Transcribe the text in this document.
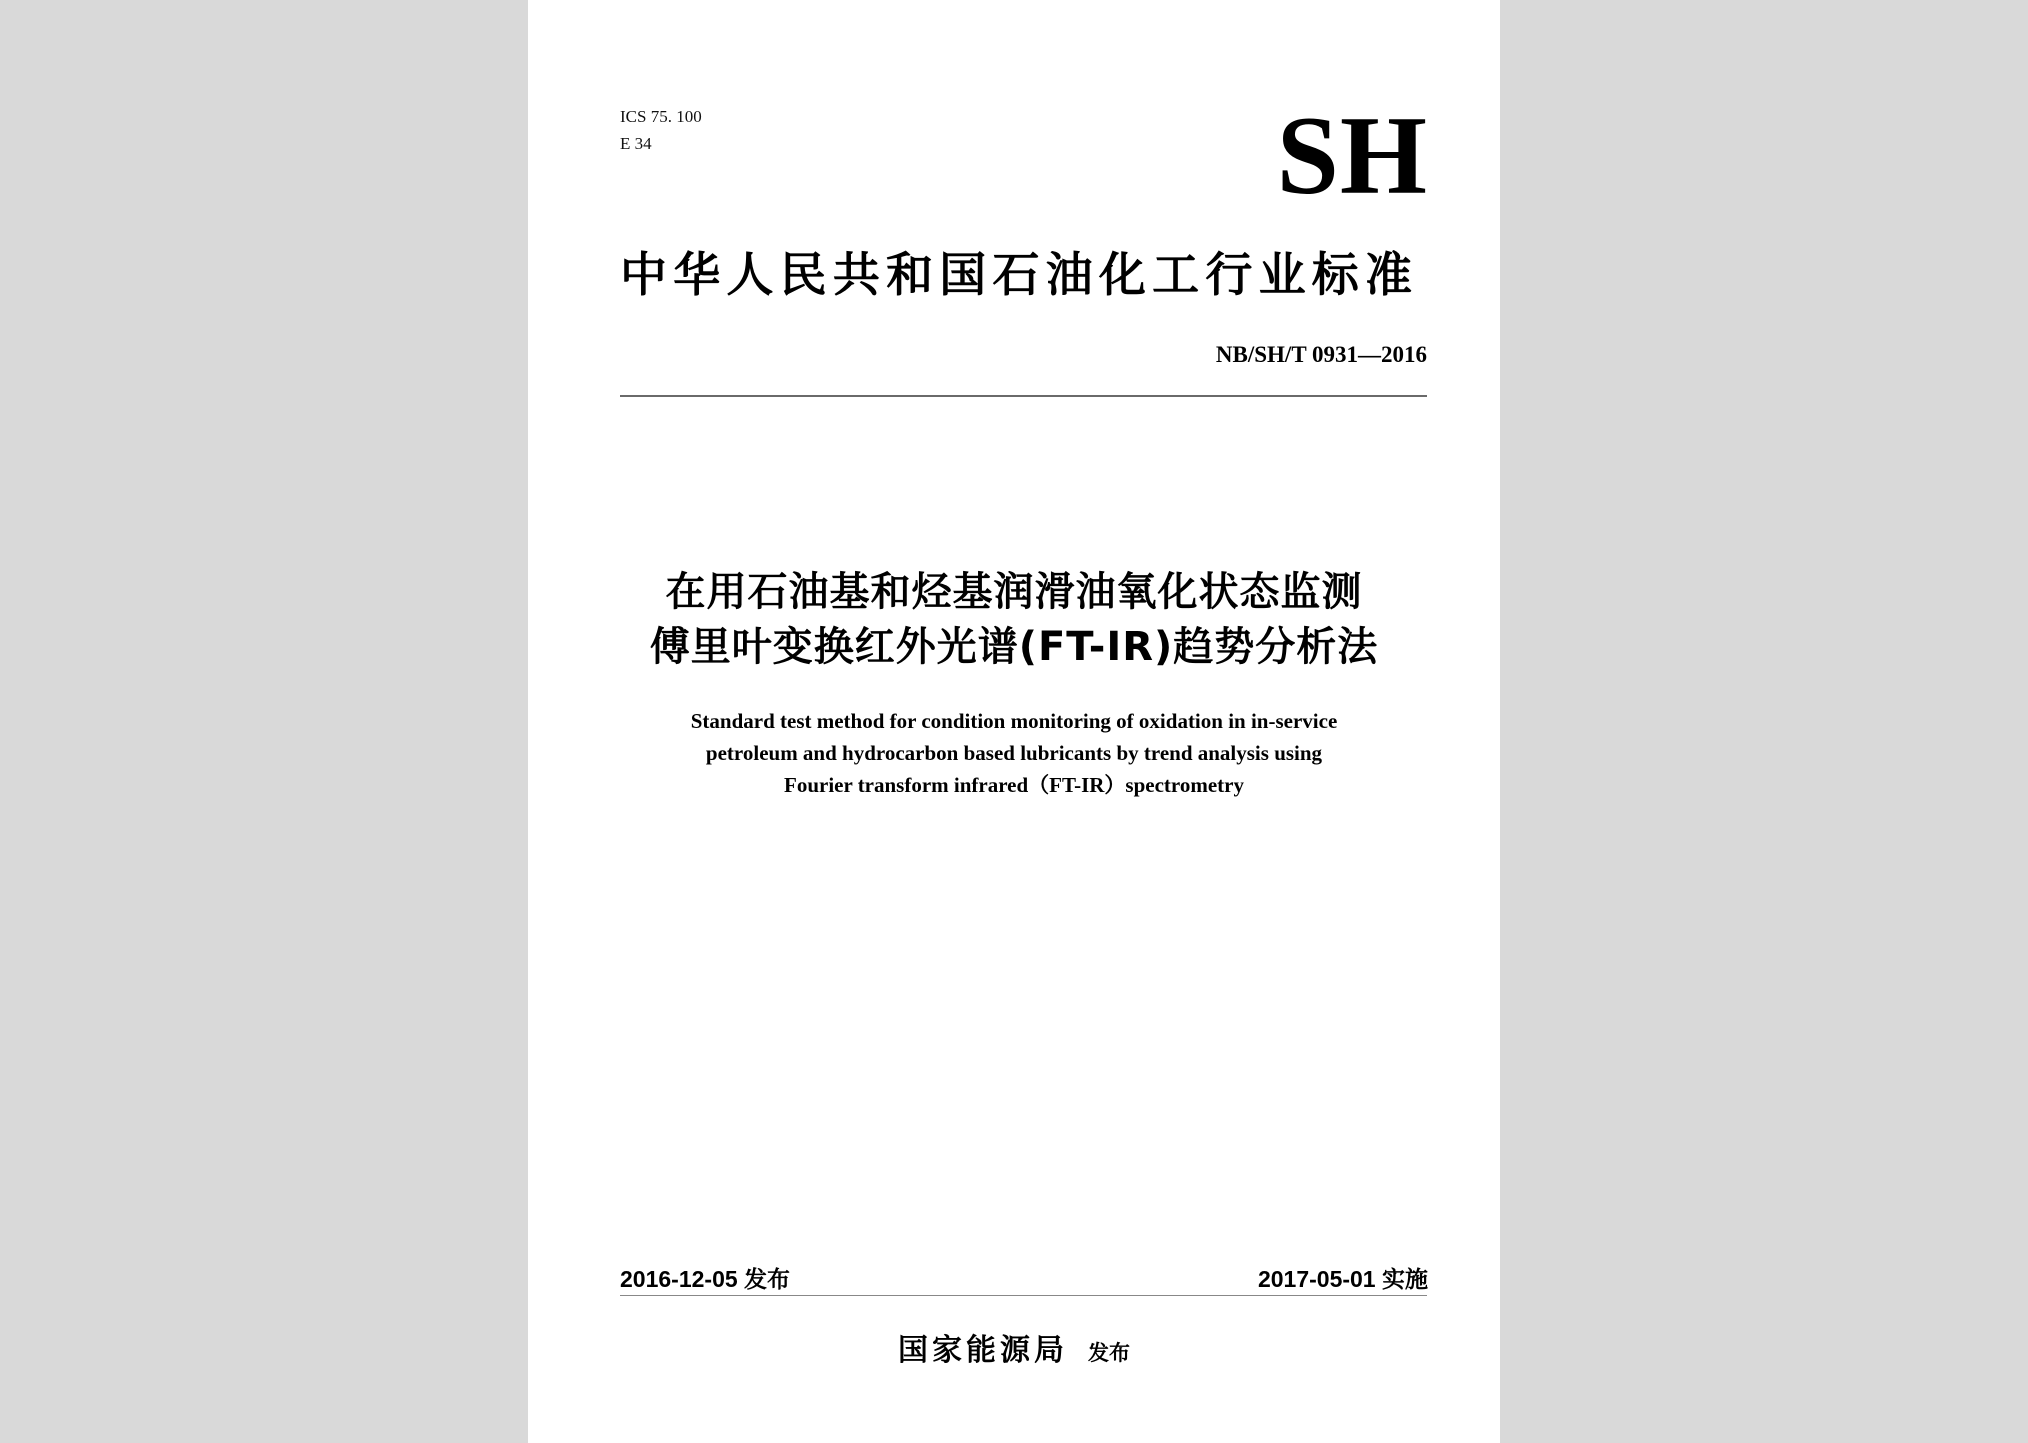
ICS 75. 100
E 34	SH
中华人民共和国石油化工行业标准
NB/SH/T 0931—2016
在用石油基和烃基润滑油氧化状态监测
傅里叶变换红外光谱(FT-IR)趋势分析法
Standard test method for condition monitoring of oxidation in in-service
petroleum and hydrocarbon based lubricants by trend analysis using
Fourier transform infrared（FT-IR）spectrometry
2016-12-05 发布	2017-05-01 实施
国家能源局 发布
